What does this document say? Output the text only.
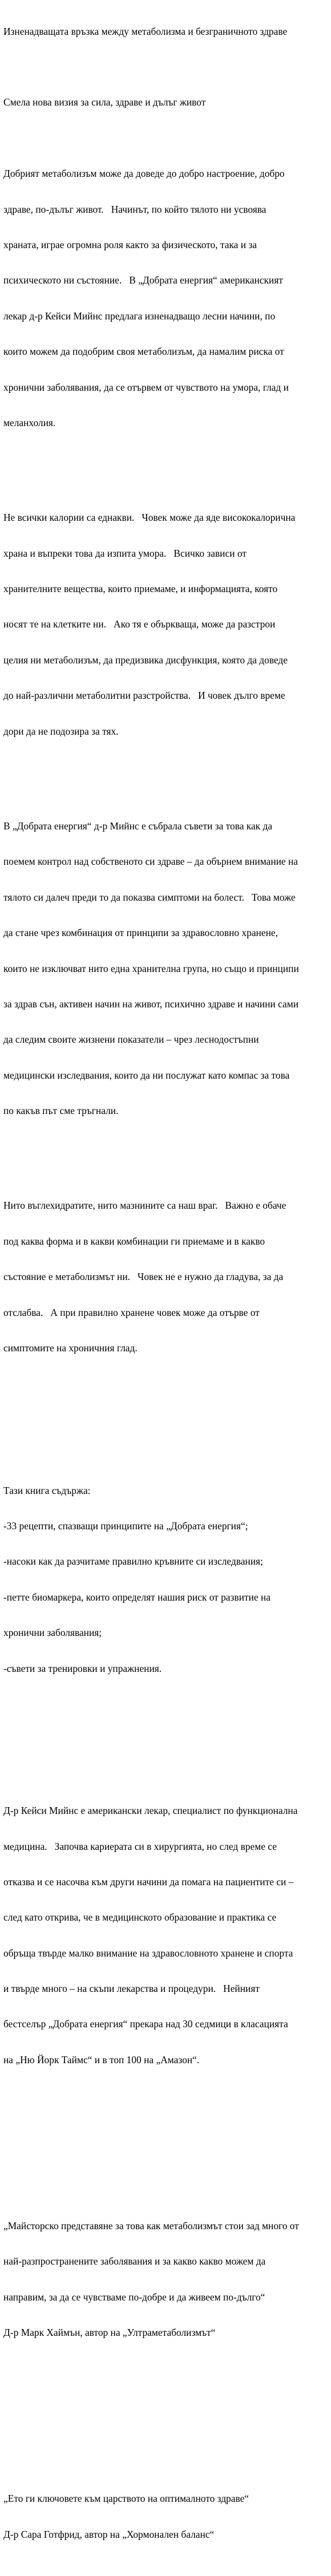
Изненадващата връзка между метаболизма и безграничното здраве

Смела нова визия за сила, здраве и дълъг живот

Добрият метаболизъм може да доведе до добро настроение, добро

здраве, по-дълъг живот.   Начинът, по който тялото ни усвоява

храната, играе огромна роля както за физическото, така и за

психическото ни състояние.   В „Добрата енергия“ американският

лекар д-р Кейси Мийнс предлага изненадващо лесни начини, по

които можем да подобрим своя метаболизъм, да намалим риска от

хронични заболявания, да се отървем от чувството на умора, глад и

меланхолия.

Не всички калории са еднакви.   Човек може да яде висококалорична

храна и въпреки това да изпита умора.   Всичко зависи от

хранителните вещества, които приемаме, и информацията, която

носят те на клетките ни.   Ако тя е объркваща, може да разстрои

целия ни метаболизъм, да предизвика дисфункция, която да доведе

до най-различни метаболитни разстройства.   И човек дълго време

дори да не подозира за тях.

В „Добрата енергия“ д-р Мийнс е събрала съвети за това как да

поемем контрол над собственото си здраве – да обърнем внимание на

тялото си далеч преди то да показва симптоми на болест.   Това може

да стане чрез комбинация от принципи за здравословно хранене,

които не изключват нито една хранителна група, но също и принципи

за здрав сън, активен начин на живот, психично здраве и начини сами

да следим своите жизнени показатели – чрез леснодостъпни

медицински изследвания, които да ни послужат като компас за това

по какъв път сме тръгнали.

Нито въглехидратите, нито мазнините са наш враг.   Важно е обаче

под каква форма и в какви комбинации ги приемаме и в какво

състояние е метаболизмът ни.   Човек не е нужно да гладува, за да

отслабва.   А при правилно хранене човек може да отърве от

симптомите на хроничния глад.

Тази книга съдържа:

-33 рецепти, спазващи принципите на „Добрата енергия“;

-насоки как да разчитаме правилно кръвните си изследвания;

-петте биомаркера, които определят нашия риск от развитие на

хронични заболявания;

-съвети за тренировки и упражнения.

Д-р Кейси Мийнс е американски лекар, специалист по функционална

медицина.   Започва кариерата си в хирургията, но след време се

отказва и се насочва към други начини да помага на пациентите си –

след като открива, че в медицинското образование и практика се

обръща твърде малко внимание на здравословното хранене и спорта

и твърде много – на скъпи лекарства и процедури.   Нейният

бестселър „Добрата енергия“ прекара над 30 седмици в класацията

на „Ню Йорк Таймс“ и в топ 100 на „Амазон“.

„Майсторско представяне за това как метаболизмът стои зад много от

най-разпространените заболявания и за какво какво можем да

направим, за да се чувстваме по-добре и да живеем по-дълго“

Д-р Марк Хаймън, автор на „Ултраметаболизмът“

„Ето ги ключовете към царството на оптималното здраве“

Д-р Сара Готфрид, автор на „Хормонален баланс“
